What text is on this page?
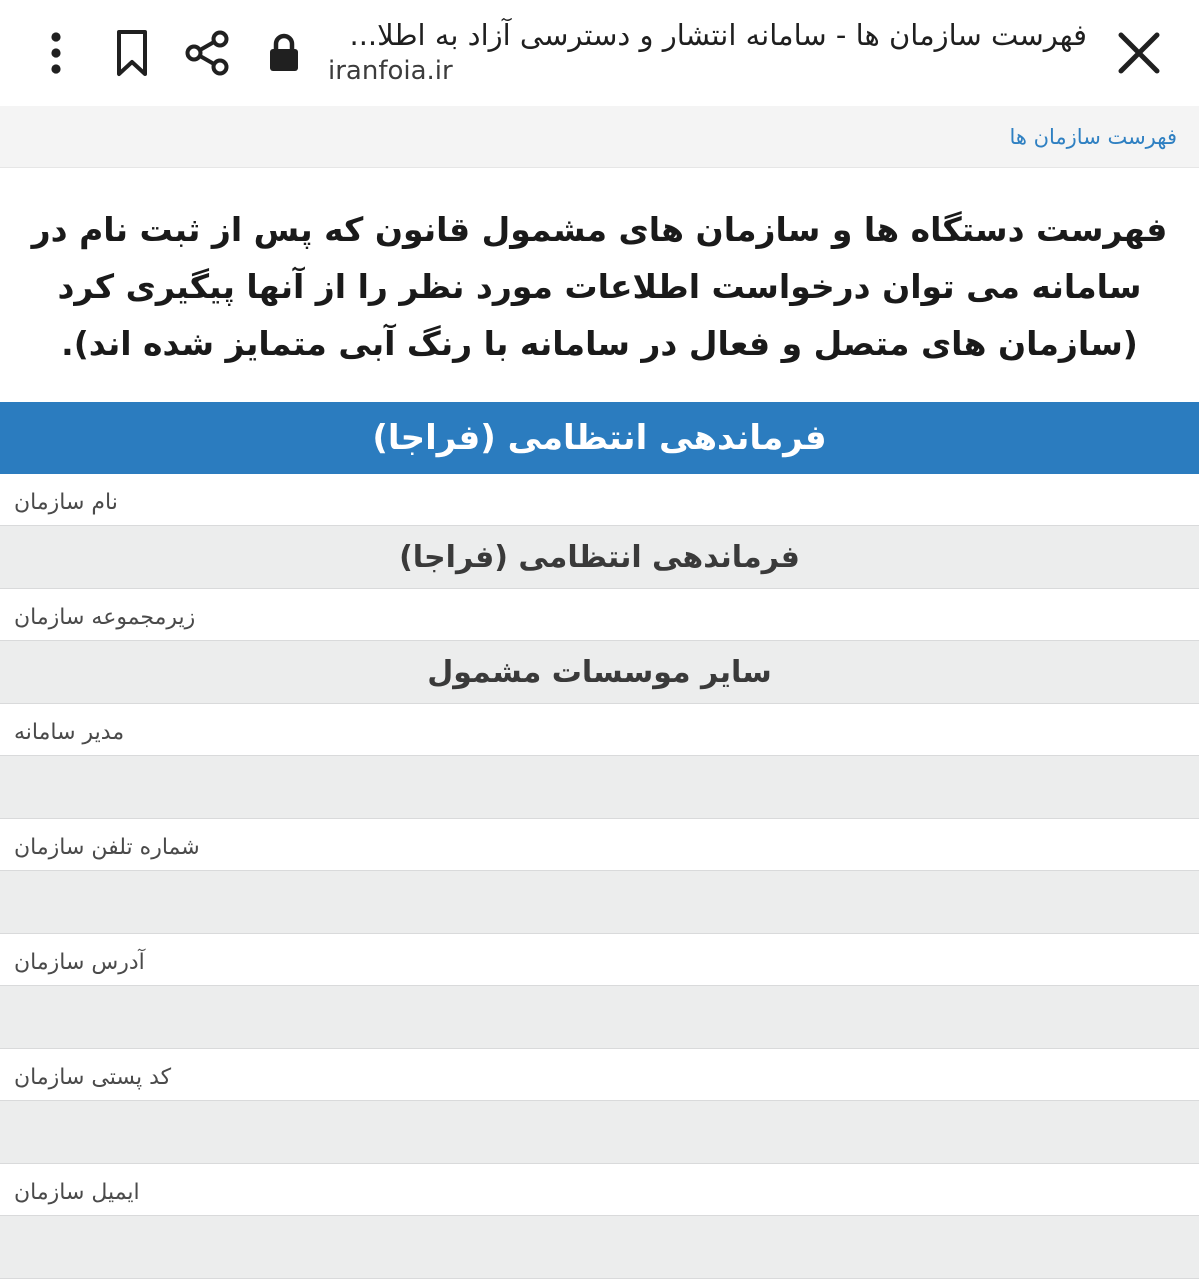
فهرست سازمان ها - سامانه انتشار و دسترسی آزاد به اطلا...
iranfoia.ir
فهرست سازمان ها
فهرست دستگاه ها و سازمان های مشمول قانون که پس از ثبت نام در سامانه می توان درخواست اطلاعات مورد نظر را از آنها پیگیری کرد (سازمان های متصل و فعال در سامانه با رنگ آبی متمایز شده اند).
فرماندهی انتظامی (فراجا)
نام سازمان
فرماندهی انتظامی (فراجا)
زیرمجموعه سازمان
سایر موسسات مشمول
مدیر سامانه
شماره تلفن سازمان
آدرس سازمان
کد پستی سازمان
ایمیل سازمان
